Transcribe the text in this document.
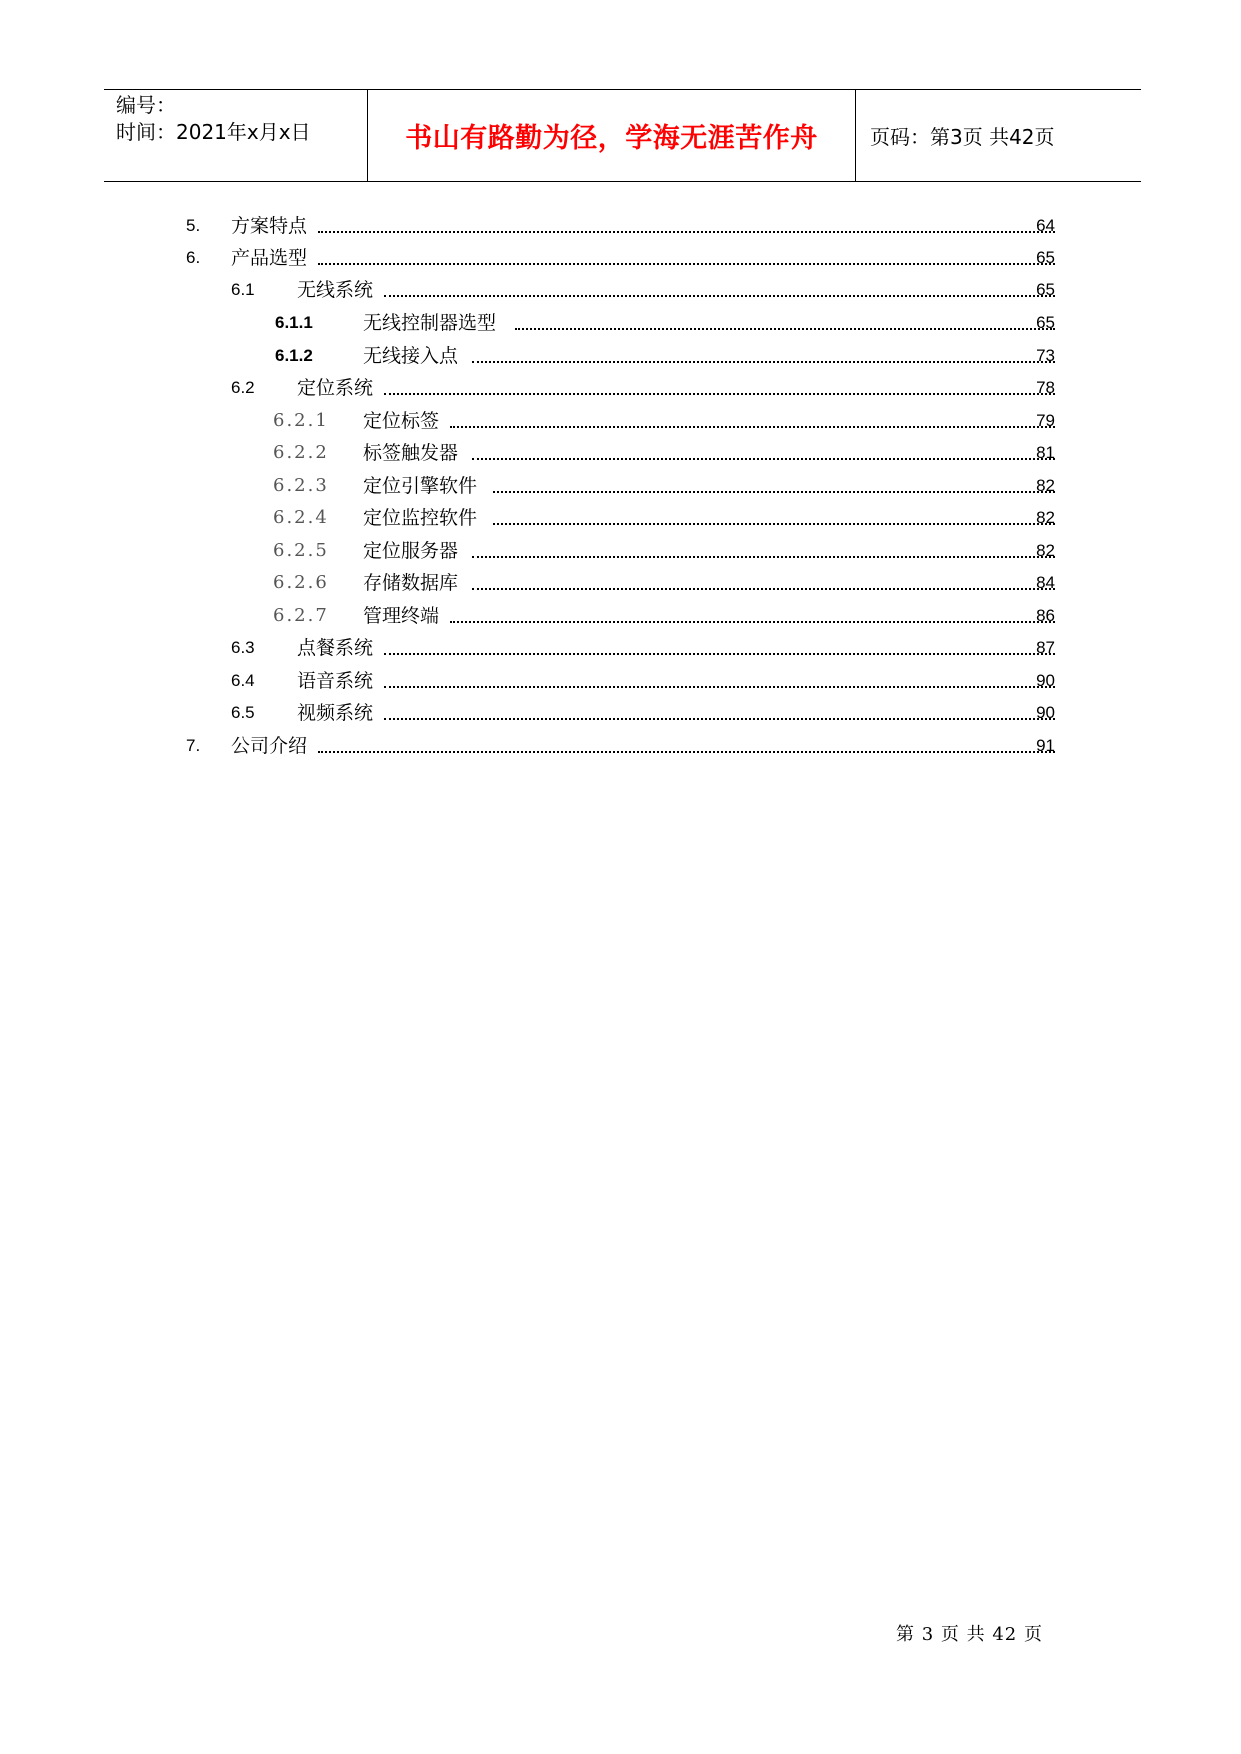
编号：
时间：2021年x月x日	书山有路勤为径，学海无涯苦作舟	页码：第3页 共42页
5. 方案特点	64
6. 产品选型	65
6.1 无线系统	65
6.1.1	无线控制器选型	65
6.1.2	无线接入点	73
6.2 定位系统	78
6.2.1 定位标签	79
6.2.2 标签触发器	81
6.2.3 定位引擎软件	82
6.2.4 定位监控软件	82
6.2.5 定位服务器	82
6.2.6 存储数据库	84
6.2.7 管理终端	86
6.3 点餐系统	87
6.4 语音系统	90
6.5 视频系统	90
7. 公司介绍	91
第 3 页 共 42 页
